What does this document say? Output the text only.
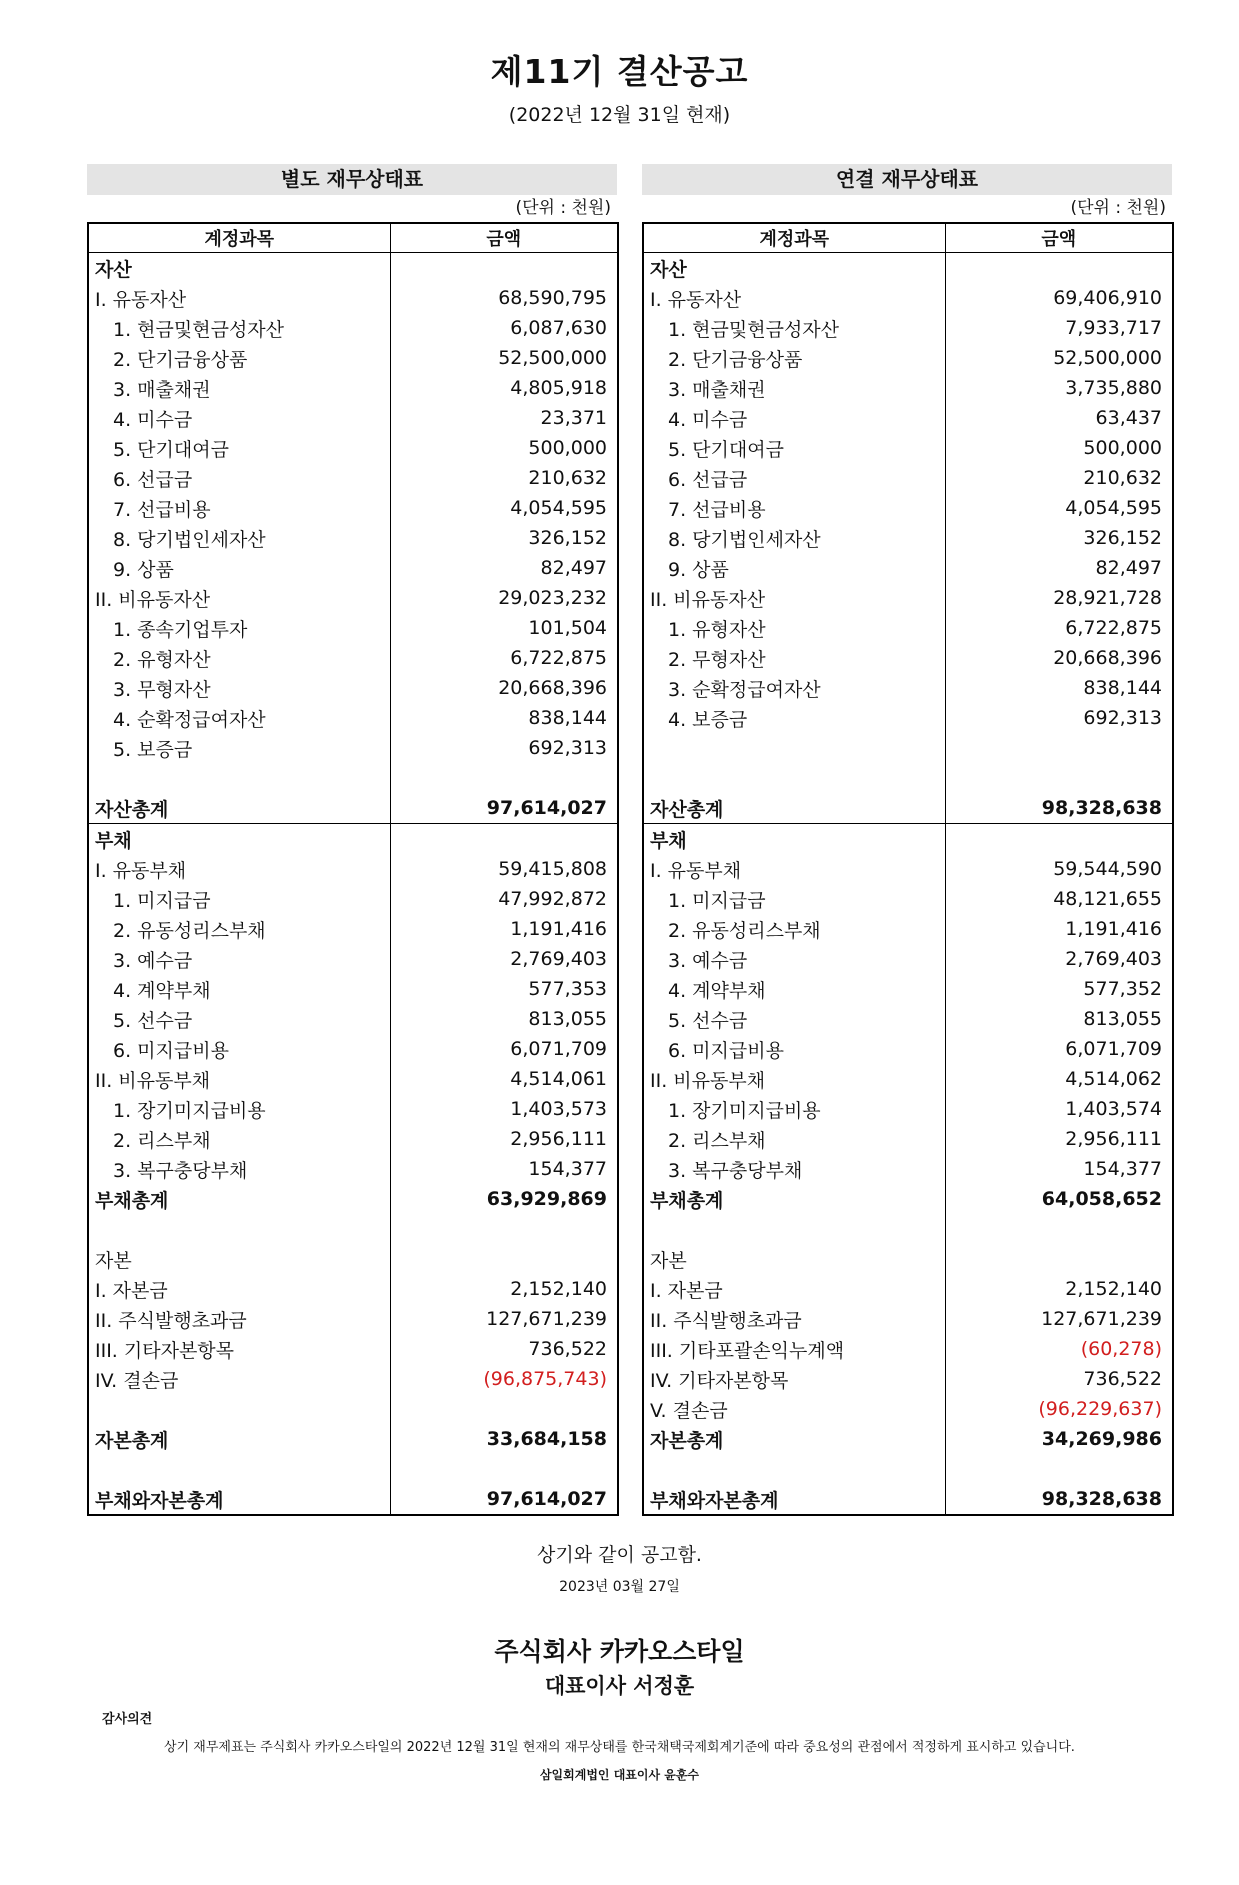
제11기 결산공고
(2022년 12월 31일 현재)
별도 재무상태표
(단위 : 천원)
계정과목	금액
자산	
I. 유동자산	68,590,795
1. 현금및현금성자산	6,087,630
2. 단기금융상품	52,500,000
3. 매출채권	4,805,918
4. 미수금	23,371
5. 단기대여금	500,000
6. 선급금	210,632
7. 선급비용	4,054,595
8. 당기법인세자산	326,152
9. 상품	82,497
II. 비유동자산	29,023,232
1. 종속기업투자	101,504
2. 유형자산	6,722,875
3. 무형자산	20,668,396
4. 순확정급여자산	838,144
5. 보증금	692,313

자산총계	97,614,027
부채	
I. 유동부채	59,415,808
1. 미지급금	47,992,872
2. 유동성리스부채	1,191,416
3. 예수금	2,769,403
4. 계약부채	577,353
5. 선수금	813,055
6. 미지급비용	6,071,709
II. 비유동부채	4,514,061
1. 장기미지급비용	1,403,573
2. 리스부채	2,956,111
3. 복구충당부채	154,377
부채총계	63,929,869

자본	
I. 자본금	2,152,140
II. 주식발행초과금	127,671,239
III. 기타자본항목	736,522
IV. 결손금	(96,875,743)

자본총계	33,684,158

부채와자본총계	97,614,027
연결 재무상태표
(단위 : 천원)
계정과목	금액
자산	
I. 유동자산	69,406,910
1. 현금및현금성자산	7,933,717
2. 단기금융상품	52,500,000
3. 매출채권	3,735,880
4. 미수금	63,437
5. 단기대여금	500,000
6. 선급금	210,632
7. 선급비용	4,054,595
8. 당기법인세자산	326,152
9. 상품	82,497
II. 비유동자산	28,921,728
1. 유형자산	6,722,875
2. 무형자산	20,668,396
3. 순확정급여자산	838,144
4. 보증금	692,313

자산총계	98,328,638
부채	
I. 유동부채	59,544,590
1. 미지급금	48,121,655
2. 유동성리스부채	1,191,416
3. 예수금	2,769,403
4. 계약부채	577,352
5. 선수금	813,055
6. 미지급비용	6,071,709
II. 비유동부채	4,514,062
1. 장기미지급비용	1,403,574
2. 리스부채	2,956,111
3. 복구충당부채	154,377
부채총계	64,058,652

자본	
I. 자본금	2,152,140
II. 주식발행초과금	127,671,239
III. 기타포괄손익누계액	(60,278)
IV. 기타자본항목	736,522
V. 결손금	(96,229,637)
자본총계	34,269,986

부채와자본총계	98,328,638
상기와 같이 공고함.
2023년 03월 27일
주식회사 카카오스타일
대표이사 서정훈
감사의견
상기 재무제표는 주식회사 카카오스타일의 2022년 12월 31일 현재의 재무상태를 한국채택국제회계기준에 따라 중요성의 관점에서 적정하게 표시하고 있습니다.
삼일회계법인 대표이사 윤훈수
